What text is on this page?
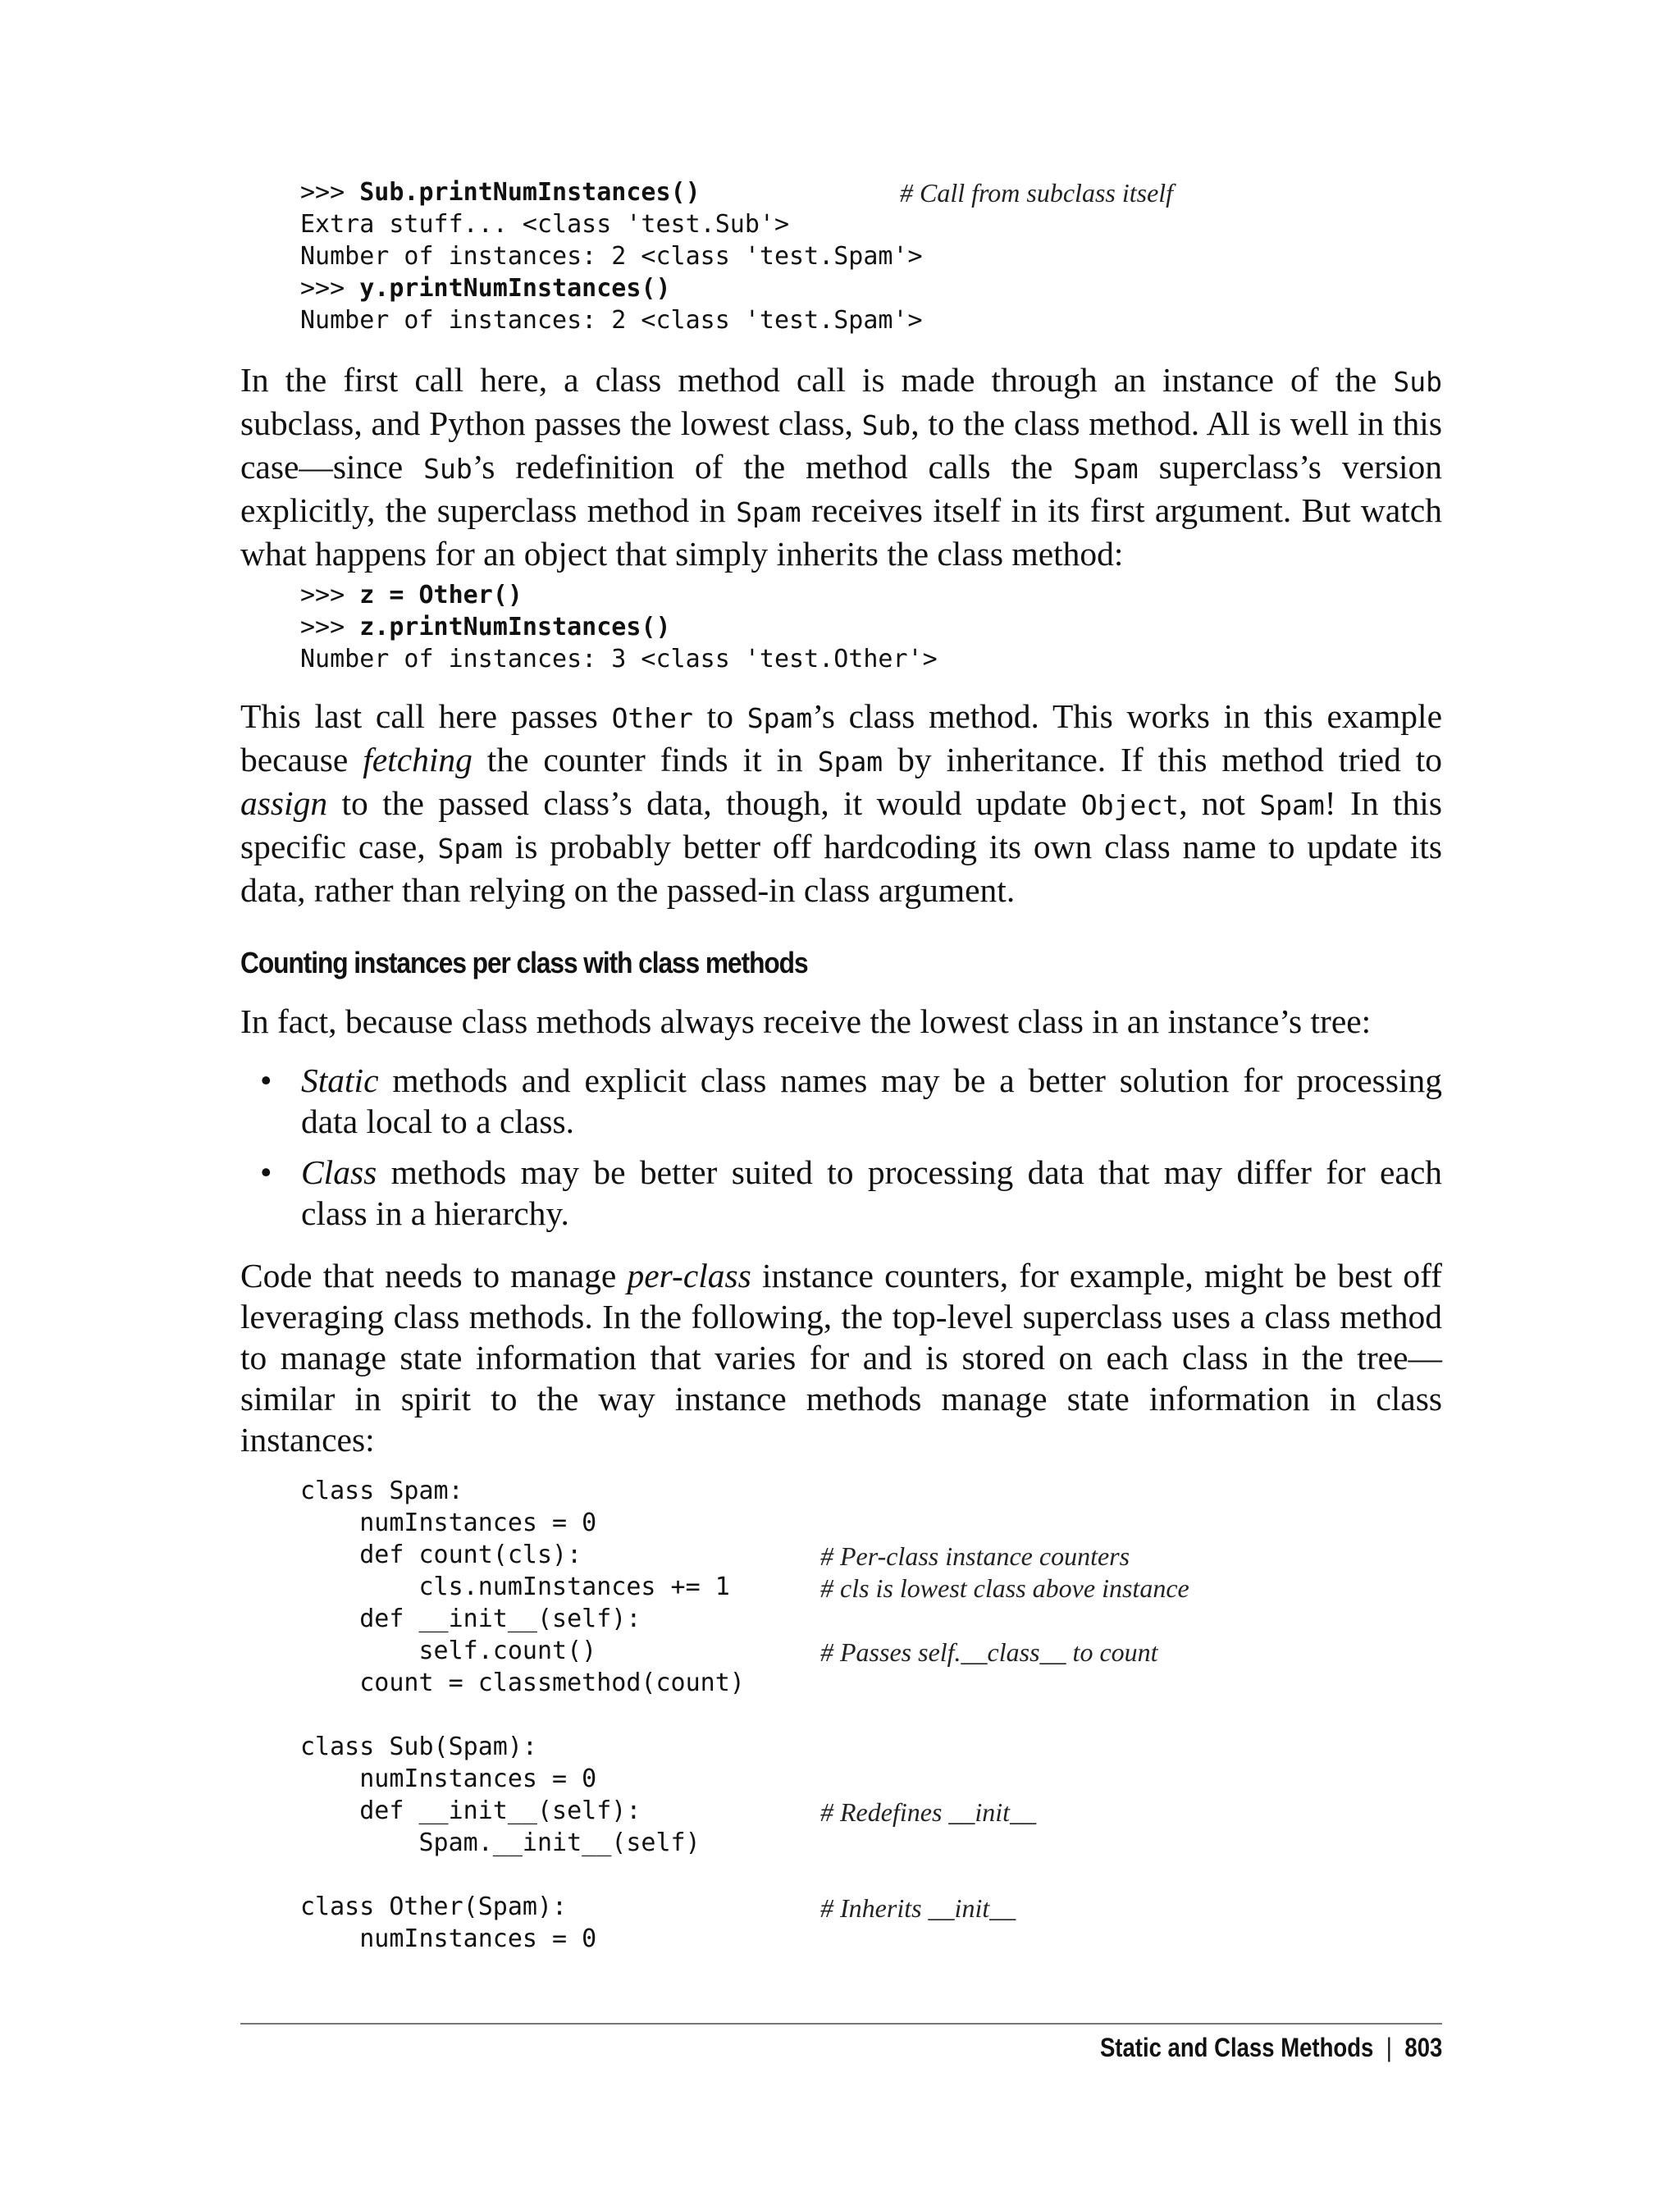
>>> Sub.printNumInstances()
Extra stuff... <class 'test.Sub'>
Number of instances: 2 <class 'test.Spam'>
>>> y.printNumInstances()
Number of instances: 2 <class 'test.Spam'>
# Call from subclass itself

In the first call here, a class method call is made through an instance of the Sub subclass, and Python passes the lowest class, Sub, to the class method. All is well in this case—since Sub’s redefinition of the method calls the Spam superclass’s version explicitly, the superclass method in Spam receives itself in its first argument. But watch what happens for an object that simply inherits the class method:

>>> z = Other()
>>> z.printNumInstances()
Number of instances: 3 <class 'test.Other'>

This last call here passes Other to Spam’s class method. This works in this example because fetching the counter finds it in Spam by inheritance. If this method tried to assign to the passed class’s data, though, it would update Object, not Spam! In this specific case, Spam is probably better off hardcoding its own class name to update its data, rather than relying on the passed-in class argument.

Counting instances per class with class methods

In fact, because class methods always receive the lowest class in an instance’s tree:

• Static methods and explicit class names may be a better solution for processing data local to a class.
• Class methods may be better suited to processing data that may differ for each class in a hierarchy.

Code that needs to manage per-class instance counters, for example, might be best off leveraging class methods. In the following, the top-level superclass uses a class method to manage state information that varies for and is stored on each class in the tree—similar in spirit to the way instance methods manage state information in class instances:

class Spam:
numInstances = 0
def count(cls):
cls.numInstances += 1
def __init__(self):
self.count()
count = classmethod(count)

class Sub(Spam):
numInstances = 0
def __init__(self):
Spam.__init__(self)

class Other(Spam):
numInstances = 0
# Per-class instance counters
# cls is lowest class above instance
# Passes self.__class__ to count
# Redefines __init__
# Inherits __init__
Static and Class Methods | 803
